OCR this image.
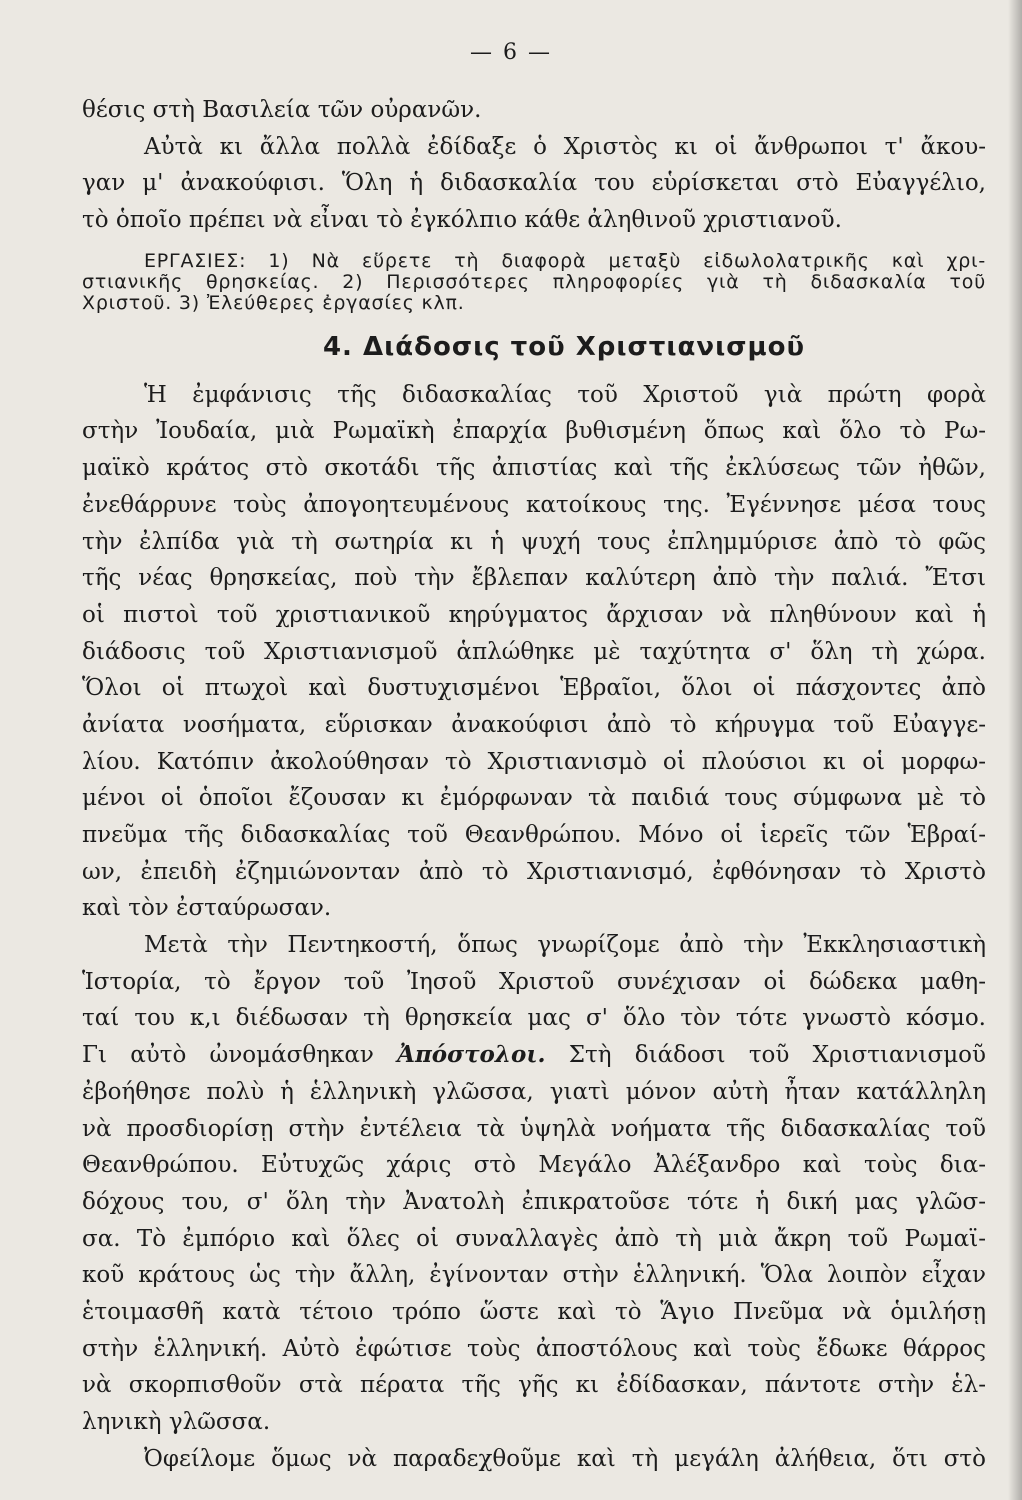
— 6 —
θέσις στὴ Βασιλεία τῶν οὐρανῶν.
Αὐτὰ κι ἄλλα πολλὰ ἐδίδαξε ὁ Χριστὸς κι οἱ ἄνθρωποι τ' ἄκου-
γαν μ' ἀνακούφισι. Ὅλη ἡ διδασκαλία του εὑρίσκεται στὸ Εὐαγγέλιο,
τὸ ὁποῖο πρέπει νὰ εἶναι τὸ ἐγκόλπιο κάθε ἀληθινοῦ χριστιανοῦ.
ΕΡΓΑΣΙΕΣ: 1) Νὰ εὕρετε τὴ διαφορὰ μεταξὺ εἰδωλολατρικῆς καὶ χρι-
στιανικῆς θρησκείας. 2) Περισσότερες πληροφορίες γιὰ τὴ διδασκαλία τοῦ
Χριστοῦ. 3) Ἐλεύθερες ἐργασίες κλπ.
4. Διάδοσις τοῦ Χριστιανισμοῦ
Ἡ ἐμφάνισις τῆς διδασκαλίας τοῦ Χριστοῦ γιὰ πρώτη φορὰ
στὴν Ἰουδαία, μιὰ Ρωμαϊκὴ ἐπαρχία βυθισμένη ὅπως καὶ ὅλο τὸ Ρω-
μαϊκὸ κράτος στὸ σκοτάδι τῆς ἀπιστίας καὶ τῆς ἐκλύσεως τῶν ἠθῶν,
ἐνεθάρρυνε τοὺς ἀπογοητευμένους κατοίκους της. Ἐγέννησε μέσα τους
τὴν ἐλπίδα γιὰ τὴ σωτηρία κι ἡ ψυχή τους ἐπλημμύρισε ἀπὸ τὸ φῶς
τῆς νέας θρησκείας, ποὺ τὴν ἔβλεπαν καλύτερη ἀπὸ τὴν παλιά. Ἔτσι
οἱ πιστοὶ τοῦ χριστιανικοῦ κηρύγματος ἄρχισαν νὰ πληθύνουν καὶ ἡ
διάδοσις τοῦ Χριστιανισμοῦ ἁπλώθηκε μὲ ταχύτητα σ' ὅλη τὴ χώρα.
Ὅλοι οἱ πτωχοὶ καὶ δυστυχισμένοι Ἑβραῖοι, ὅλοι οἱ πάσχοντες ἀπὸ
ἀνίατα νοσήματα, εὕρισκαν ἀνακούφισι ἀπὸ τὸ κήρυγμα τοῦ Εὐαγγε-
λίου. Κατόπιν ἀκολούθησαν τὸ Χριστιανισμὸ οἱ πλούσιοι κι οἱ μορφω-
μένοι οἱ ὁποῖοι ἔζουσαν κι ἐμόρφωναν τὰ παιδιά τους σύμφωνα μὲ τὸ
πνεῦμα τῆς διδασκαλίας τοῦ Θεανθρώπου. Μόνο οἱ ἱερεῖς τῶν Ἑβραί-
ων, ἐπειδὴ ἐζημιώνονταν ἀπὸ τὸ Χριστιανισμό, ἐφθόνησαν τὸ Χριστὸ
καὶ τὸν ἐσταύρωσαν.
Μετὰ τὴν Πεντηκοστή, ὅπως γνωρίζομε ἀπὸ τὴν Ἐκκλησιαστικὴ
Ἱστορία, τὸ ἔργον τοῦ Ἰησοῦ Χριστοῦ συνέχισαν οἱ δώδεκα μαθη-
ταί του κ,ι διέδωσαν τὴ θρησκεία μας σ' ὅλο τὸν τότε γνωστὸ κόσμο.
Γι αὐτὸ ὠνομάσθηκαν Ἀπόστολοι. Στὴ διάδοσι τοῦ Χριστιανισμοῦ
ἐβοήθησε πολὺ ἡ ἑλληνικὴ γλῶσσα, γιατὶ μόνον αὐτὴ ἦταν κατάλληλη
νὰ προσδιορίσῃ στὴν ἐντέλεια τὰ ὑψηλὰ νοήματα τῆς διδασκαλίας τοῦ
Θεανθρώπου. Εὐτυχῶς χάρις στὸ Μεγάλο Ἀλέξανδρο καὶ τοὺς δια-
δόχους του, σ' ὅλη τὴν Ἀνατολὴ ἐπικρατοῦσε τότε ἡ δική μας γλῶσ-
σα. Τὸ ἐμπόριο καὶ ὅλες οἱ συναλλαγὲς ἀπὸ τὴ μιὰ ἄκρη τοῦ Ρωμαϊ-
κοῦ κράτους ὡς τὴν ἄλλη, ἐγίνονταν στὴν ἑλληνική. Ὅλα λοιπὸν εἶχαν
ἑτοιμασθῆ κατὰ τέτοιο τρόπο ὥστε καὶ τὸ Ἅγιο Πνεῦμα νὰ ὁμιλήσῃ
στὴν ἑλληνική. Αὐτὸ ἐφώτισε τοὺς ἀποστόλους καὶ τοὺς ἔδωκε θάρρος
νὰ σκορπισθοῦν στὰ πέρατα τῆς γῆς κι ἐδίδασκαν, πάντοτε στὴν ἑλ-
ληνικὴ γλῶσσα.
Ὀφείλομε ὅμως νὰ παραδεχθοῦμε καὶ τὴ μεγάλη ἀλήθεια, ὅτι στὸ
